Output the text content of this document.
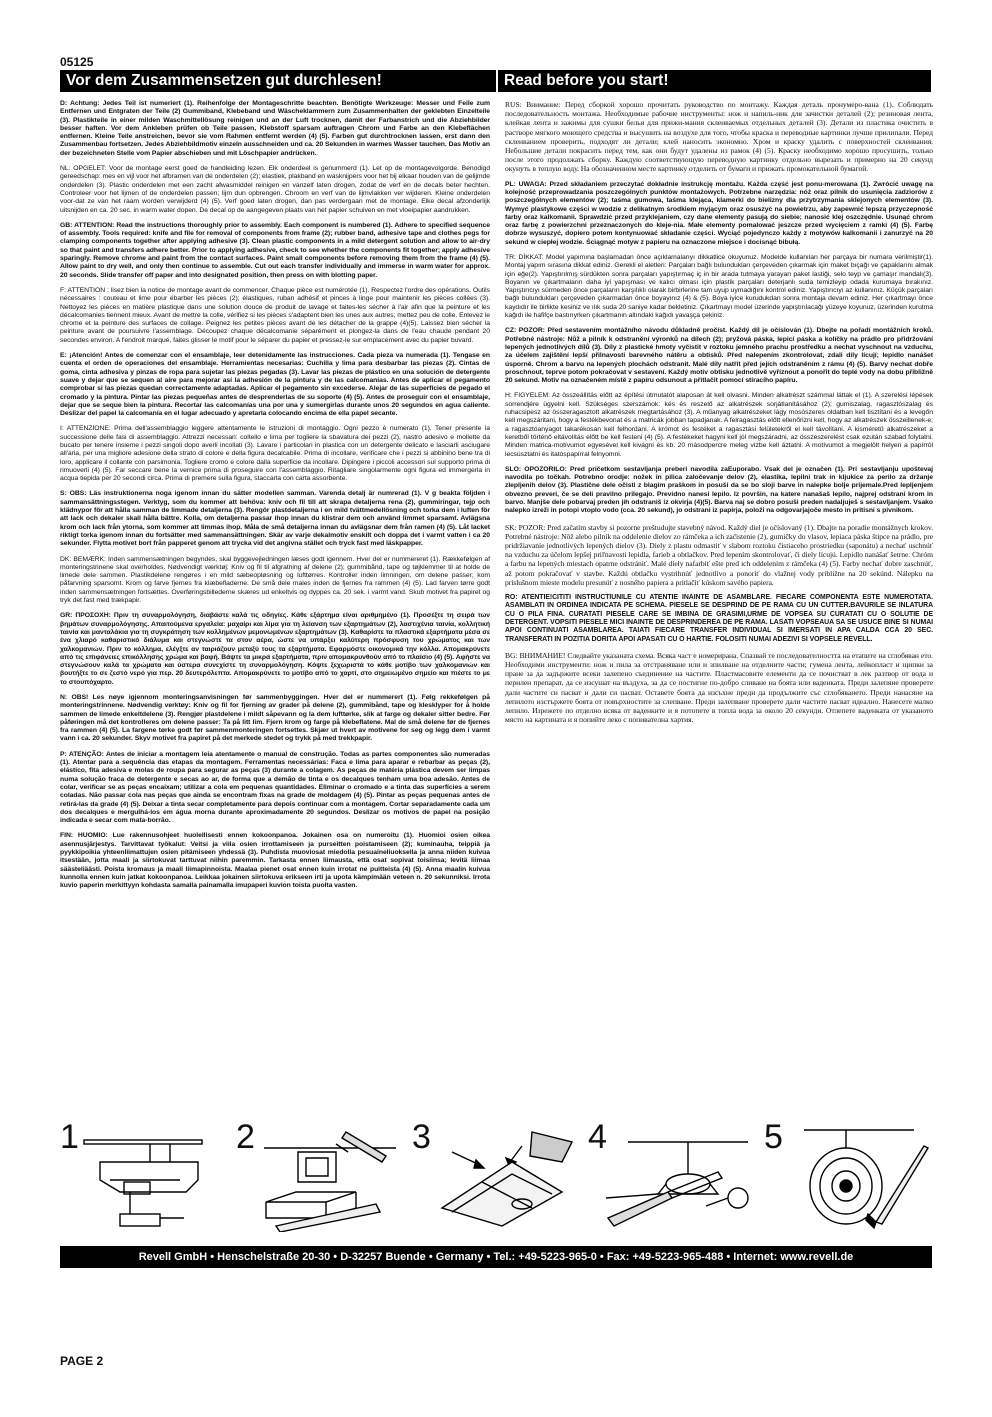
05125
Vor dem Zusammensetzen gut durchlesen!	Read before you start!

D: Achtung: Jedes Teil ist numeriert (1). Reihenfolge der Montageschritte beachten. Benötigte Werkzeuge: Messer und Feile zum Entfernen und Entgraten der Teile (2) Gummiband, Klebeband und Wäscheklammern zum Zusammenhalten der geklebten Einzelteile (3). Plastikteile in einer milden Waschmittellösung reinigen und an der Luft trocknen, damit der Farbanstrich und die Abziehbilder besser haften. Vor dem Ankleben prüfen ob Teile passen, Klebstoff sparsam auftragen Chrom und Farbe an den Klebeflächen entfernen. Kleine Teile anstreichen, bevor sie vom Rahmen entfernt werden (4) (5). Farben gut durchtrocknen lassen, erst dann den Zusammenbau fortsetzen. Jedes Abziehbildmotiv einzeln ausschneiden und ca. 20 Sekunden in warmes Wasser tauchen. Das Motiv an der bezeichneten Stelle vom Papier abschieben und mit Löschpapier andrücken.

NL: OPGELET: Voor de montage eerst goed de handleiding lezen. Elk onderdeel is genummerd (1). Let op de montagevolgorde. Benodigd gereedschap: mes en vijl voor het afbramen van de onderdelen (2); elastiek, plakband en wasknijpers voor het bij elkaar houden van de gelijmde onderdelen (3). Plastic onderdelen met een zacht afwasmiddel reinigen en vanzelf laten drogen, zodat de verf en de decals beter hechten. Controleer voor het lijmen of de onderdelen passen; lijm dun opbrengen. Chroom en verf van de lijmvlakken ver wijderen. Kleine onderdelen voor-dat ze van het raam worden verwijderd (4) (5). Verf goed laten drogen, dan pas verdergaan met de montage. Elke decal afzonderlijk uitsnijden en ca. 20 sec. in warm water dopen. De decal op de aangegeven plaats van het papier schuiven en met vloeipapier aandrukken.

GB: ATTENTION: Read the instructions thoroughly prior to assembly. Each component is numbered (1). Adhere to specified sequence of assembly. Tools required: knife and file for removal of components from frame (2); rubber band, adhesive tape and clothes pegs for clamping components together after applying adhesive (3). Clean plastic components in a mild detergent solution and allow to air-dry so that paint and transfers adhere better. Prior to applying adhesive, check to see whether the components fit together; apply adhesive sparingly. Remove chrome and paint from the contact surfaces. Paint small components before removing them from the frame (4) (5). Allow paint to dry well, and only then continue to assemble. Cut out each transfer individually and immerse in warm water for approx. 20 seconds. Slide transfer off paper and into designated position, then press on with blotting paper.

F: ATTENTION : lisez bien la notice de montage avant de commencer. Chaque pièce est numérotée (1). Respectez l'ordre des opérations. Outils nécessaires : couteau et lime pour ébarber les pièces (2); élastiques, ruban adhésif et pinces à linge pour maintenir les pièces collées (3). Nettoyez les pièces en matière plastique dans une solution douce de produit de lavage et faites-les sécher à l'air afin que la peinture et les décalcomanies tiennent mieux. Avant de mettre la colle, vérifiez si les pièces s'adaptent bien les unes aux autres; mettez peu de colle. Enlevez le chrome et la peinture des surfaces de collage. Peignez les petites pièces avant de les détacher de la grappe (4)(5). Laissez bien sécher la peinture avant de poursuivre l'assemblage. Découpez chaque décalcomanie séparément et plongez-la dans de l'eau chaude pendant 20 secondes environ. A l'endroit marqué, faites glisser le motif pour le séparer du papier et pressez-le sur emplacement avec du papier buvard.

E: ¡Atención! Antes de comenzar con el ensamblaje, leer detenidamente las instrucciones. Cada pieza va numerada (1). Tengase en cuenta el orden de operaciones del ensamblaje. Herramientas necesarias: Cuchilla y lima para desbarbar las piezas (2). Cintas de goma, cinta adhesiva y pinzas de ropa para sujetar las piezas pegadas (3). Lavar las piezas de plástico en una solución de detergente suave y dejar que se sequen al aire para mejorar así la adhesión de la pintura y de las calcomanías. Antes de aplicar el pegamento comprobar si las piezas quedan correctamente adaptadas. Aplicar el pegamento sin excederse. Alejar de las superficies de pegado el cromado y la pintura. Pintar las piezas pequeñas antes de desprenderlas de su soporte (4) (5). Antes de proseguir con el ensamblaje, dejar que se seque bien la pintura. Recortar las calcomanías una por una y sumergirlas durante unos 20 segundos en agua caliente. Deslizar del papel la calcomanía en el lugar adecuado y apretarla colocando encima de ella papel secante.

I: ATTENZIONE: Prima dell'assemblaggio leggere attentamente le istruzioni di montaggio. Ogni pezzo è numerato (1). Tener presente la successione delle fasi di assemblaggio. Attrezzi necessari: coltello e lima per togliere la sbavatura dei pezzi (2), nastro adesivo e mollette da bucato per tenere insieme i pezzi singoli dopo averli incollati (3). Lavare i particolari in plastica con un detergente delicato e lasciarli asciugare all'aria, per una migliore adesione della strato di colore e della figura decalcabile. Prima di incollare, verificare che i pezzi si abbinino bene tra di loro, applicare il collante con parsimonia. Togliere cromo e colore dalla superficie da incollare. Dipingere i piccoli accessori sul supporto prima di rimuoverli (4) (5). Far seccare bene la vernice prima di proseguire con l'assemblaggio. Ritagliare singolarmente ogni figura ed immergerla in acqua tiepida per 20 secondi circa. Prima di premere sulla figura, staccarla con carta assorbente.

S: OBS: Läs instruktionerna noga igenom innan du sätter modellen samman. Varenda detalj är numrerad (1). V g beakta följden i sammansättningsstegen. Verktyg, som du kommer att behöva: kniv och fil till att skrapa detaljerna rena (2), gummiringar, tejp och klädnypor för att hålla samman de limmade detaljerna (3). Rengör plastdetaljerna i en mild tvättmedellösning och torka dem i luften för att lack och dekaler skall hålla bättre. Kolla, om detaljerna passar ihop innan du klistrar dem och använd limmet sparsamt. Avlägsna krom och lack från ytorna, som kommer att limmas ihop. Måla de små detaljerna innan du avlägsnar dem från ramen (4) (5). Låt lacket riktigt torka igenom innan du fortsätter med sammansättningen. Skär av varje dekalmotiv enskilt och doppa det i varmt vatten i ca 20 sekunder. Flytta motivet bort från papperet genom att trycka vid det angivna stället och tryck fast med läskpapper.

DK: BEMÆRK: Inden sammensætningen begyndes, skal byggevejledningen læses godt igennem. Hver del er nummereret (1). Rækkefølgen af monteringstrinene skal overholdes. Nødvendigt værktøj: Kniv og fil til afgratning af delene (2); gummibånd, tape og tøjklemmer til at holde de limede dele sammen. Plastikdelene rengøres i en mild sæbeopløsning og lufttørres. Kontroller inden limningen, om delene passer; kom påfarvning sparsomt. Krom og farve fjernes fra klæbefladerne. De små dele males inden de fjernes fra rammen (4) (5). Lad farven tørre godt inden sammensætningen fortsættes. Overføringsbillederne skæres ud enkeltvis og dyppes ca. 20 sek. i varmt vand. Skub motivet fra papiret og tryk det fast med trækpapir.

GR: ΠΡΟΣΟΧΗ: Πριν τη συναρμολόγηση, διαβάστε καλά τις οδηγίες. Κάθε εξάρτημα είναι αριθμημένο (1). Προσέξτε τη σειρά των βημάτων συναρμολόγησης. Απαιτούμενα εργαλεία: μαχαίρι και λίμα για τη λείανση των εξαρτημάτων (2), λαστιχένια ταινία, κολλητική ταινία και μανταλάκια για τη συγκράτηση των κολλημένων μεμονωμένων εξαρτημάτων (3). Καθαρίστε τα πλαστικά εξαρτήματα μέσα σε ένα χλιαρό καθαριστικό διάλυμα και στεγνώστε τα στον αέρα, ώστε να υπάρξει καλύτερη πρόσφυση του χρώματος και των χαλκομανιών. Πριν το κόλλημα, ελέγξτε αν ταιριάζουν μεταξύ τους τα εξαρτήματα. Εφαρμόστε οικονομικά την κόλλα. Απομακρύνετε από τις επιφάνειες επικόλλησης χρώμα και βαφή. Βάψτε τα μικρά εξαρτήματα, πριν απομακρυνθούν από το πλαίσιο (4) (5). Αφήστε να στεγνώσουν καλά τα χρώματα και ύστερα συνεχίστε τη συναρμολόγηση. Κόψτε ξεχωριστά το κάθε μοτίβο των χαλκομανιών και βουτήξτε το σε ζεστό νερό για περ. 20 δευτερόλεπτα. Απομακρύνετε το μοτίβο από το χαρτί, στο σημειωμένο σημείο και πιέστε το με το στουπόχαρτο.

N: OBS! Les nøye igjennom monteringsanvisningen før sammenbyggingen. Hver del er nummerert (1). Følg rekkefølgen på monteringstrinnene. Nødvendig verktøy: Kniv og fil for fjerning av grader på delene (2), gummibånd, tape og klesklyper for å holde sammen de limede enkeltdelene (3). Rengjør plastdelene i mildt såpevann og la dem lufttørke, slik at farge og dekaler sitter bedre. Før påføringen må det kontrolleres om delene passer: Ta på litt lim. Fjern krom og farge på klebeflatene. Mal de små delene før de fjernes fra rammen (4) (5). La fargene tørke godt før sammenmonteringen fortsettes. Skjær ut hvert av motivene for seg og legg dem i varmt vann i ca. 20 sekunder. Skyv motivet fra papiret på det merkede stedet og trykk på med trekkpapir.

P: ATENÇÃO: Antes de iniciar a montagem leia atentamente o manual de construção. Todas as partes componentes são numeradas (1). Atentar para a sequência das etapas da montagem. Ferramentas necessárias: Faca e lima para aparar e rebarbar as peças (2), elástico, fita adesiva e molas de roupa para segurar as peças (3) durante a colagem. As peças de matéria plástica devem ser limpas numa solução fraca de detergente e secas ao ar, de forma que a demão de tinta e os decalques tenham uma boa adesão. Antes de colar, verificar se as peças encaixam; utilizar a cola em pequenas quantidades. Eliminar o cromado e a tinta das superfícies a serem coladas. Não passar cola nas peças que ainda se encontram fixas na grade de moldagem (4) (5). Pintar as peças pequenas antes de retirá-las da grade (4) (5). Deixar a tinta secar completamente para depois continuar com a montagem. Cortar separadamente cada um dos decalques e mergulhá-los em água morna durante aproximadamente 20 segundos. Deslizar os motivos de papel na posição indicada e secar com mata-borrão.

FIN: HUOMIO: Lue rakennusohjeet huolellisesti ennen kokoonpanoa. Jokainen osa on numeroitu (1). Huomioi osien oikea asennusjärjestys. Tarvittavat työkalut: Veitsi ja viila osien irrottamiseen ja purseitten poistamiseen (2); kuminauha, teippiä ja pyykkipoikia yhteenliimattujen osien pitämiseen yhdessä (3). Puhdista muoviosat miedolla pesuaineliuoksella ja anna niiden kuivua itsestään, jotta maali ja siirtokuvat tarttuvat niihin paremmin. Tarkasta ennen liimausta, että osat sopivat toisiinsa; levitä liimaa säästeliäästi. Poista kromaus ja maali liimapinnoista. Maalaa pienet osat ennen kuin irrotat ne puitteista (4) (5). Anna maalin kuivua kunnolla ennen kuin jatkat kokoonpanoa. Leikkaa jokainen siirtokuva erikseen irti ja upota kämpimään veteen n. 20 sekunniksi. Irrota kuvio paperin merkittyyn kohdasta samalla painamalla imupaperi kuvion toista puolta vasten.

RUS: Внимание: Перед сборкой хорошо прочитать руководство по монтажу. Каждая деталь пронумеро-вана (1). Соблюдать последовательность монтажа. Необходимые рабочие инструменты: нож и напиль-ник для зачистки деталей (2); резиновая лента, клейкая лента и зажимы для сушки белья для прижи-мания склеиваемых отдельных деталей (3). Детали из пластика очистить в растворе мягкого моющего средства и высушить на воздухе для того, чтобы краска и переводные картинки лучше прилипали. Перед склеиванием проверить, подходят ли детали; клей наносить экономно. Хром и краску удалить с поверхностей склеивания. Небольшие детали покрасить перед тем, как они будут удалены из рамок (4) (5). Краску необходимо хорошо просушить, только после этого продолжать сборку. Каждую соответствующую переводную картинку отдельно вырезать и примерно на 20 секунд окунуть в теплую воду. На обозначенном месте картинку отделить от бумаги и прижать промокательной бумагой.

PL: UWAGA: Przed składaniem przeczytać dokładnie instrukcję montażu. Każda część jest ponu-merowana (1). Zwrócić uwagę na kolejność przeprowadzania poszczególnych punktów montażowych. Potrzebne narzędzia: nóż oraz pilnik do usunięcia zadziorów z poszczególnych elementów (2); taśma gumowa, taśma klejąca, klamerki do bielizny dla przytrzymania sklejonych elementów (3). Wymyć plastykowe części w wodzie z delikatnym środkiem myjącym oraz osuszyć na powietrzu, aby zapewnić lepszą przyczepność farby oraz kalkomanii. Sprawdzić przed przyklejaniem, czy dane elementy pasują do siebie; nanosić klej oszczędnie. Usunąć chrom oraz farbę z powierzchni przeznaczonych do kleje-nia. Małe elementy pomalować jeszcze przed wycięciem z ramki (4) (5). Farbę dobrze wysuszyć, dopiero potem kontynuować składanie części. Wyciąć pojedynczo każdy z motywów kalkomanii i zanurzyć na 20 sekund w ciepłej wodzie. Ściągnąć motyw z papieru na oznaczone miejsce i docisnąć bibułą.

TR: DİKKAT: Model yapımına başlamadan önce açıklamalarıyı dikkatlice okuyunuz. Modelde kullanılan her parçaya bir numara verilmiştir(1). Montaj yapım sırasına dikkat ediniz. Gerekli el aletleri: Parçaları bağlı bulundukları çerçeveden çıkarmak için maket bıçağı ve çapaklarını almak için eğe(2). Yapıştırılmış sürdükten sonra parçaları yapıştırmaç iç in bir arada tutmaya yarayan paket lastiği, selo teyp ve çamaşır mandalı(3). Boyanın ve çıkartmaların daha iyi yapışması ve kalıcı olması için plastik parçaları deterjanlı suda temizleyip odada kurumaya bırakınız. Yapıştırıcıyı sürmeden önce parçaların karşılıklı olarak birbirlerine tam uyup uymadığını kontrol ediniz. Yapıştırıcıyı az kullanınız. Küçük parçaları bağlı bulundukları çerçeveden çıkarmadan önce boyayınız (4) & (5). Boya iyice kurudukdan sonra montaja devam ediniz. Her çıkartmayı önce kaydıdır ile birlikte kesiniz ve ılık suda 20 saniye kadar bekletiniz. Çıkartmayı model üzerinde yapıştırılacağı yüzeye koyunuz, üzerinden kurutma kağıdı ile hafifçe bastırıyrken çıkartmanın altındaki kağıdı yavaşça çekiniz.

CZ: POZOR: Před sestavením montážního návodu důkladně pročíst. Každý díl je očíslován (1). Dbejte na pořadí montážních kroků. Potřebné nástroje: Nůž a pilník k odstranění výronků na dílech (2); pryžová páska, lepicí páska a kolíčky na prádlo pro přidržování lepených jednotlivých dílů (3). Díly z plastické hmoty vyčistit v roztoku jemného prachu prostředku a nechat vyschnout na vzduchu, za účelem zajištění lepší přilnavosti barevného nátěru a obtisků. Před nalepením zkontrolovat, zdali díly lícují; lepidlo nanášet úsporně. Chrom a barvu na lepených plochách odstranit. Malé díly natřít před jejich odstraněním z rámu (4) (5). Barvy nechat dobře proschnout, teprve potom pokračovat v sestavení. Každý motiv obtisku jednotlivě vyříznout a ponořit do teplé vody na dobu přibližně 20 sekund. Motiv na označeném místě z papíru odsunout a přitlačit pomocí stíracího papíru.

H: FIGYELEM: Az összeállítás előtt az építési útmutatót alaposan át kell olvasni. Minden alkatrészt számmal láttak el (1). A szerelési lépések sorrendjére ügyelni kell. Szükséges szerszámok: kés és reszelő az alkatrészek sorjátlanításához (2); gumiszalag, ragasztószalag és ruhacsipesz az összeragasztott alkatrészek megtartásához (3). A műanyag alkatrészeket lágy mosószeres oldatban kell tisztítani és a levegőn kell megszáritani, hogy a festékbevonat és a matricák jobban tapadjanak. A felragasztás előtt ellenőrizni kell, hogy az alkatrészek összeillenek-e; a ragasztóanyagot takarékosan kell felhordani. A krómot és festéket a ragasztási felületekről el kell távolítani. A kisméretű alkatrészeket a keretből történő eltávolítás előtt be kell festeni (4) (5). A festékeket hagyni kell jól megszáradni, az összeszerelést csak ezután szabad folytatni. Minden matrica-motívumot egyesével kell kivágni és kb. 20 másodpercre meleg vízbe kell áztatni. A motívumot a megjelölt helyen a papírról lecsúsztatni és itatóspapírral felnyomni.

SLO: OPOZORILO: Pred pričetkom sestavljanja preberi navodila zaEuporabo. Vsak del je označen (1). Pri sestavljanju upoštevaj navodila po točkah. Potrebno orodje: nožek in pilica zaločevanje delov (2), elastika, lepilni trak in kljukice za perilo za držanje zlepljenih delov (3). Plastične dele očisti z blagim praškom in posuši da se bo sloji barve in nalepke bolje prijemale.Pred lepljenjem obvezno preveri, če se deli pravilno prilegajo. Previdno nanesi lepilo. Iz površin, na katere nanašaš lepilo, najprej odstrani krom in barvo. Manjše dele pobarvaj preden jih odstraniš iz okvirja (4)(5). Barva naj se dobro posuši preden nadaljuješ s sestavljanjem. Vsako nalepko izreži in potopi vtoplo vodo (cca. 20 sekund), jo odstrani iz papirja, položi na odgovarjajoče mesto in pritisni s pivnikom.

SK: POZOR: Pred začatím stavby si pozorne preštudujte stavebný návod. Každý diel je očíslovaný (1). Dbajte na poradie montážnych krokov. Potrebné nástroje: Nôž alebo pilník na oddelenie dielov zo rámčeka a ich začistenie (2), gumičky do vlasov, lepiaca páska štipce na prádlo, pre pridržiavanie jednotlivých lepených dielov (3). Diely z plastu odmastiť v slabom roztoku čistiaceho prostriedku (saponátu) a nechať uschnúť na vzduchu za účelom lepšej priľnavosti lepidla, farieb a obtlačkov. Pred lepením skontrolovať, či diely lícujú. Lepidlo nanášať šetrne. Chróm a farbu na lepených miestach opatrne odstrániť. Malé diely nafarbiť ešte pred ich oddelením z rámčeka (4) (5). Farby nechať dobre zaschnúť, až potom pokračovať v stavbe. Každú obtlačku vystrihnúť jednotlivo a ponoriť do vlažnej vody približne na 20 sekúnd. Nálepku na príslušnom mieste modelu presunúť z nosného papiera a pritlačiť kúskom savého papiera.

RO: ATENTIE!CITITI INSTRUCTIUNILE CU ATENTIE INAINTE DE ASAMBLARE. FIECARE COMPONENTA ESTE NUMEROTATA. ASAMBLATI IN ORDINEA INDICATA PE SCHEMA. PIESELE SE DESPRIND DE PE RAMA CU UN CUTTER.BAVURILE SE INLATURA CU O PILA FINA. CURATATI PIESELE CARE SE IMBINA DE GRASIMI,URME DE VOPSEA SU CURATATI CU O SOLUTIE DE DETERGENT. VOPSITI PIESELE MICI INAINTE DE DESPRINDEREA DE PE RAMA. LASATI VOPSEAUA SA SE USUCE BINE SI NUMAI APOI CONTINUATI ASAMBLAREA. TAIATI FIECARE TRANSFER INDIVIDUAL SI IMERSATI IN APA CALDA CCA 20 SEC. TRANSFERATI IN POZITIA DORITA APOI APASATI CU O HARTIE. FOLOSITI NUMAI ADEZIVI SI VOPSELE REVELL.

BG: ВНИМАНИЕ! Следвайте указаната схема. Всяка част е номерирана. Спазвай те последователността на етапите на сглобяван ето. Необходими инструменти: нож и пила за отстраняване или и зпилване на отделните части; гумена лента, лейкопласт и щипки за пране за да задържите всеки залепено съединение на частите. Пластмасовите елементи да се почистват в лек разтвор от вода и перилен препарат, да се изсушат на въздуха, за да се постигне по-добро сливане на боята или ваденката. Преди залепяне проверете дали частите си пасват и дали си пасват. Оставете боята да изсъхне преди да продължите със сглобяването. Преди нанасяне на лепилото изстържете боята от повърхностите за слепване. Преди залепване проверете дали частите пасват идеално. Нанесете малко лепило. Изрежете по отделно всяка от ваденките и я потопете в топла вода за около 20 секунди. Отлепете ваденката от указаното място на картината и я попийте леко с попивателна хартия.

1	2	3	4	5
Revell GmbH • Henschelstraße 20-30 • D-32257 Buende • Germany • Tel.: +49-5223-965-0 • Fax: +49-5223-965-488 • Internet: www.revell.de
PAGE 2
